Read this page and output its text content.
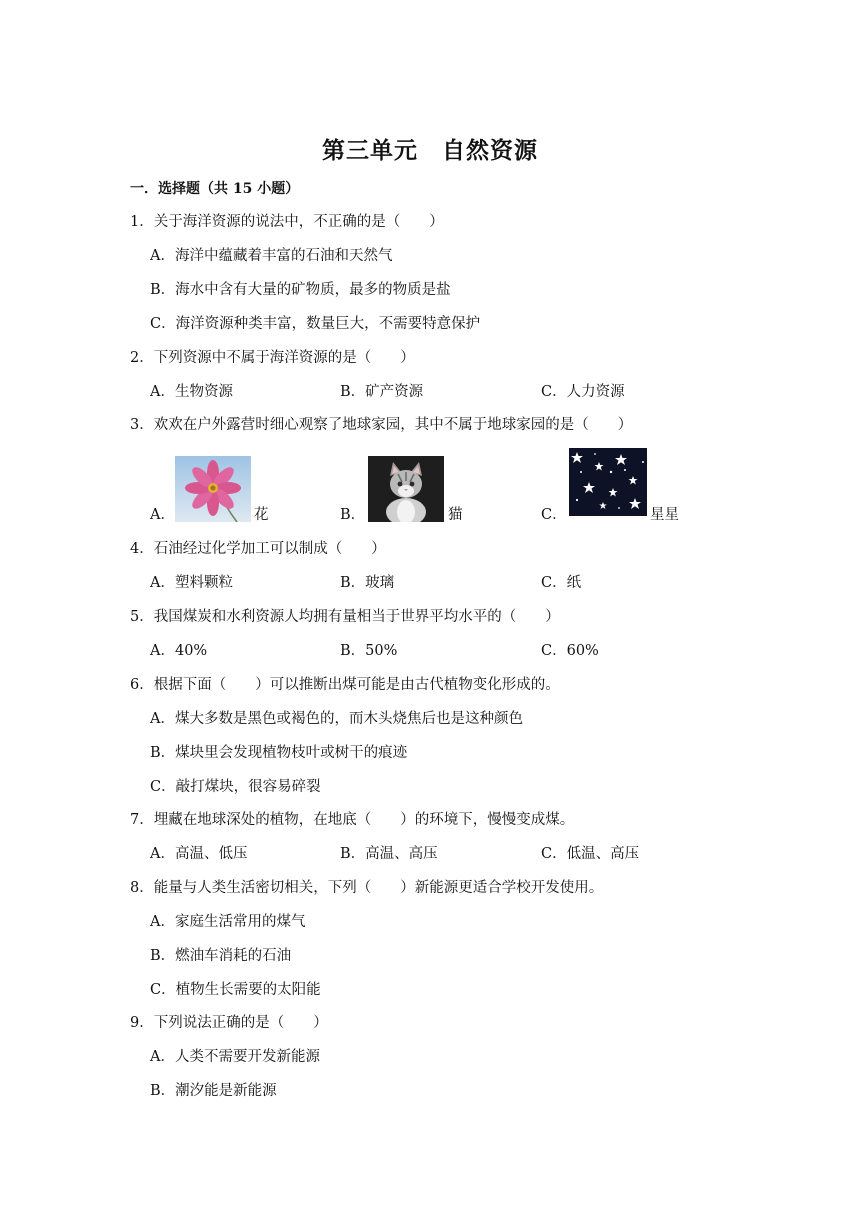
第三单元　自然资源
一．选择题（共 15 小题）
1．关于海洋资源的说法中，不正确的是（　　）
A．海洋中蕴藏着丰富的石油和天然气
B．海水中含有大量的矿物质，最多的物质是盐
C．海洋资源种类丰富，数量巨大，不需要特意保护
2．下列资源中不属于海洋资源的是（　　）
A．生物资源	B．矿产资源	C．人力资源
3．欢欢在户外露营时细心观察了地球家园，其中不属于地球家园的是（　　）
A．	花	B．	猫	C．	星星
4．石油经过化学加工可以制成（　　）
A．塑料颗粒	B．玻璃	C．纸
5．我国煤炭和水利资源人均拥有量相当于世界平均水平的（　　）
A．40%	B．50%	C．60%
6．根据下面（　　）可以推断出煤可能是由古代植物变化形成的。
A．煤大多数是黑色或褐色的，而木头烧焦后也是这种颜色
B．煤块里会发现植物枝叶或树干的痕迹
C．敲打煤块，很容易碎裂
7．埋藏在地球深处的植物，在地底（　　）的环境下，慢慢变成煤。
A．高温、低压	B．高温、高压	C．低温、高压
8．能量与人类生活密切相关，下列（　　）新能源更适合学校开发使用。
A．家庭生活常用的煤气
B．燃油车消耗的石油
C．植物生长需要的太阳能
9．下列说法正确的是（　　）
A．人类不需要开发新能源
B．潮汐能是新能源
